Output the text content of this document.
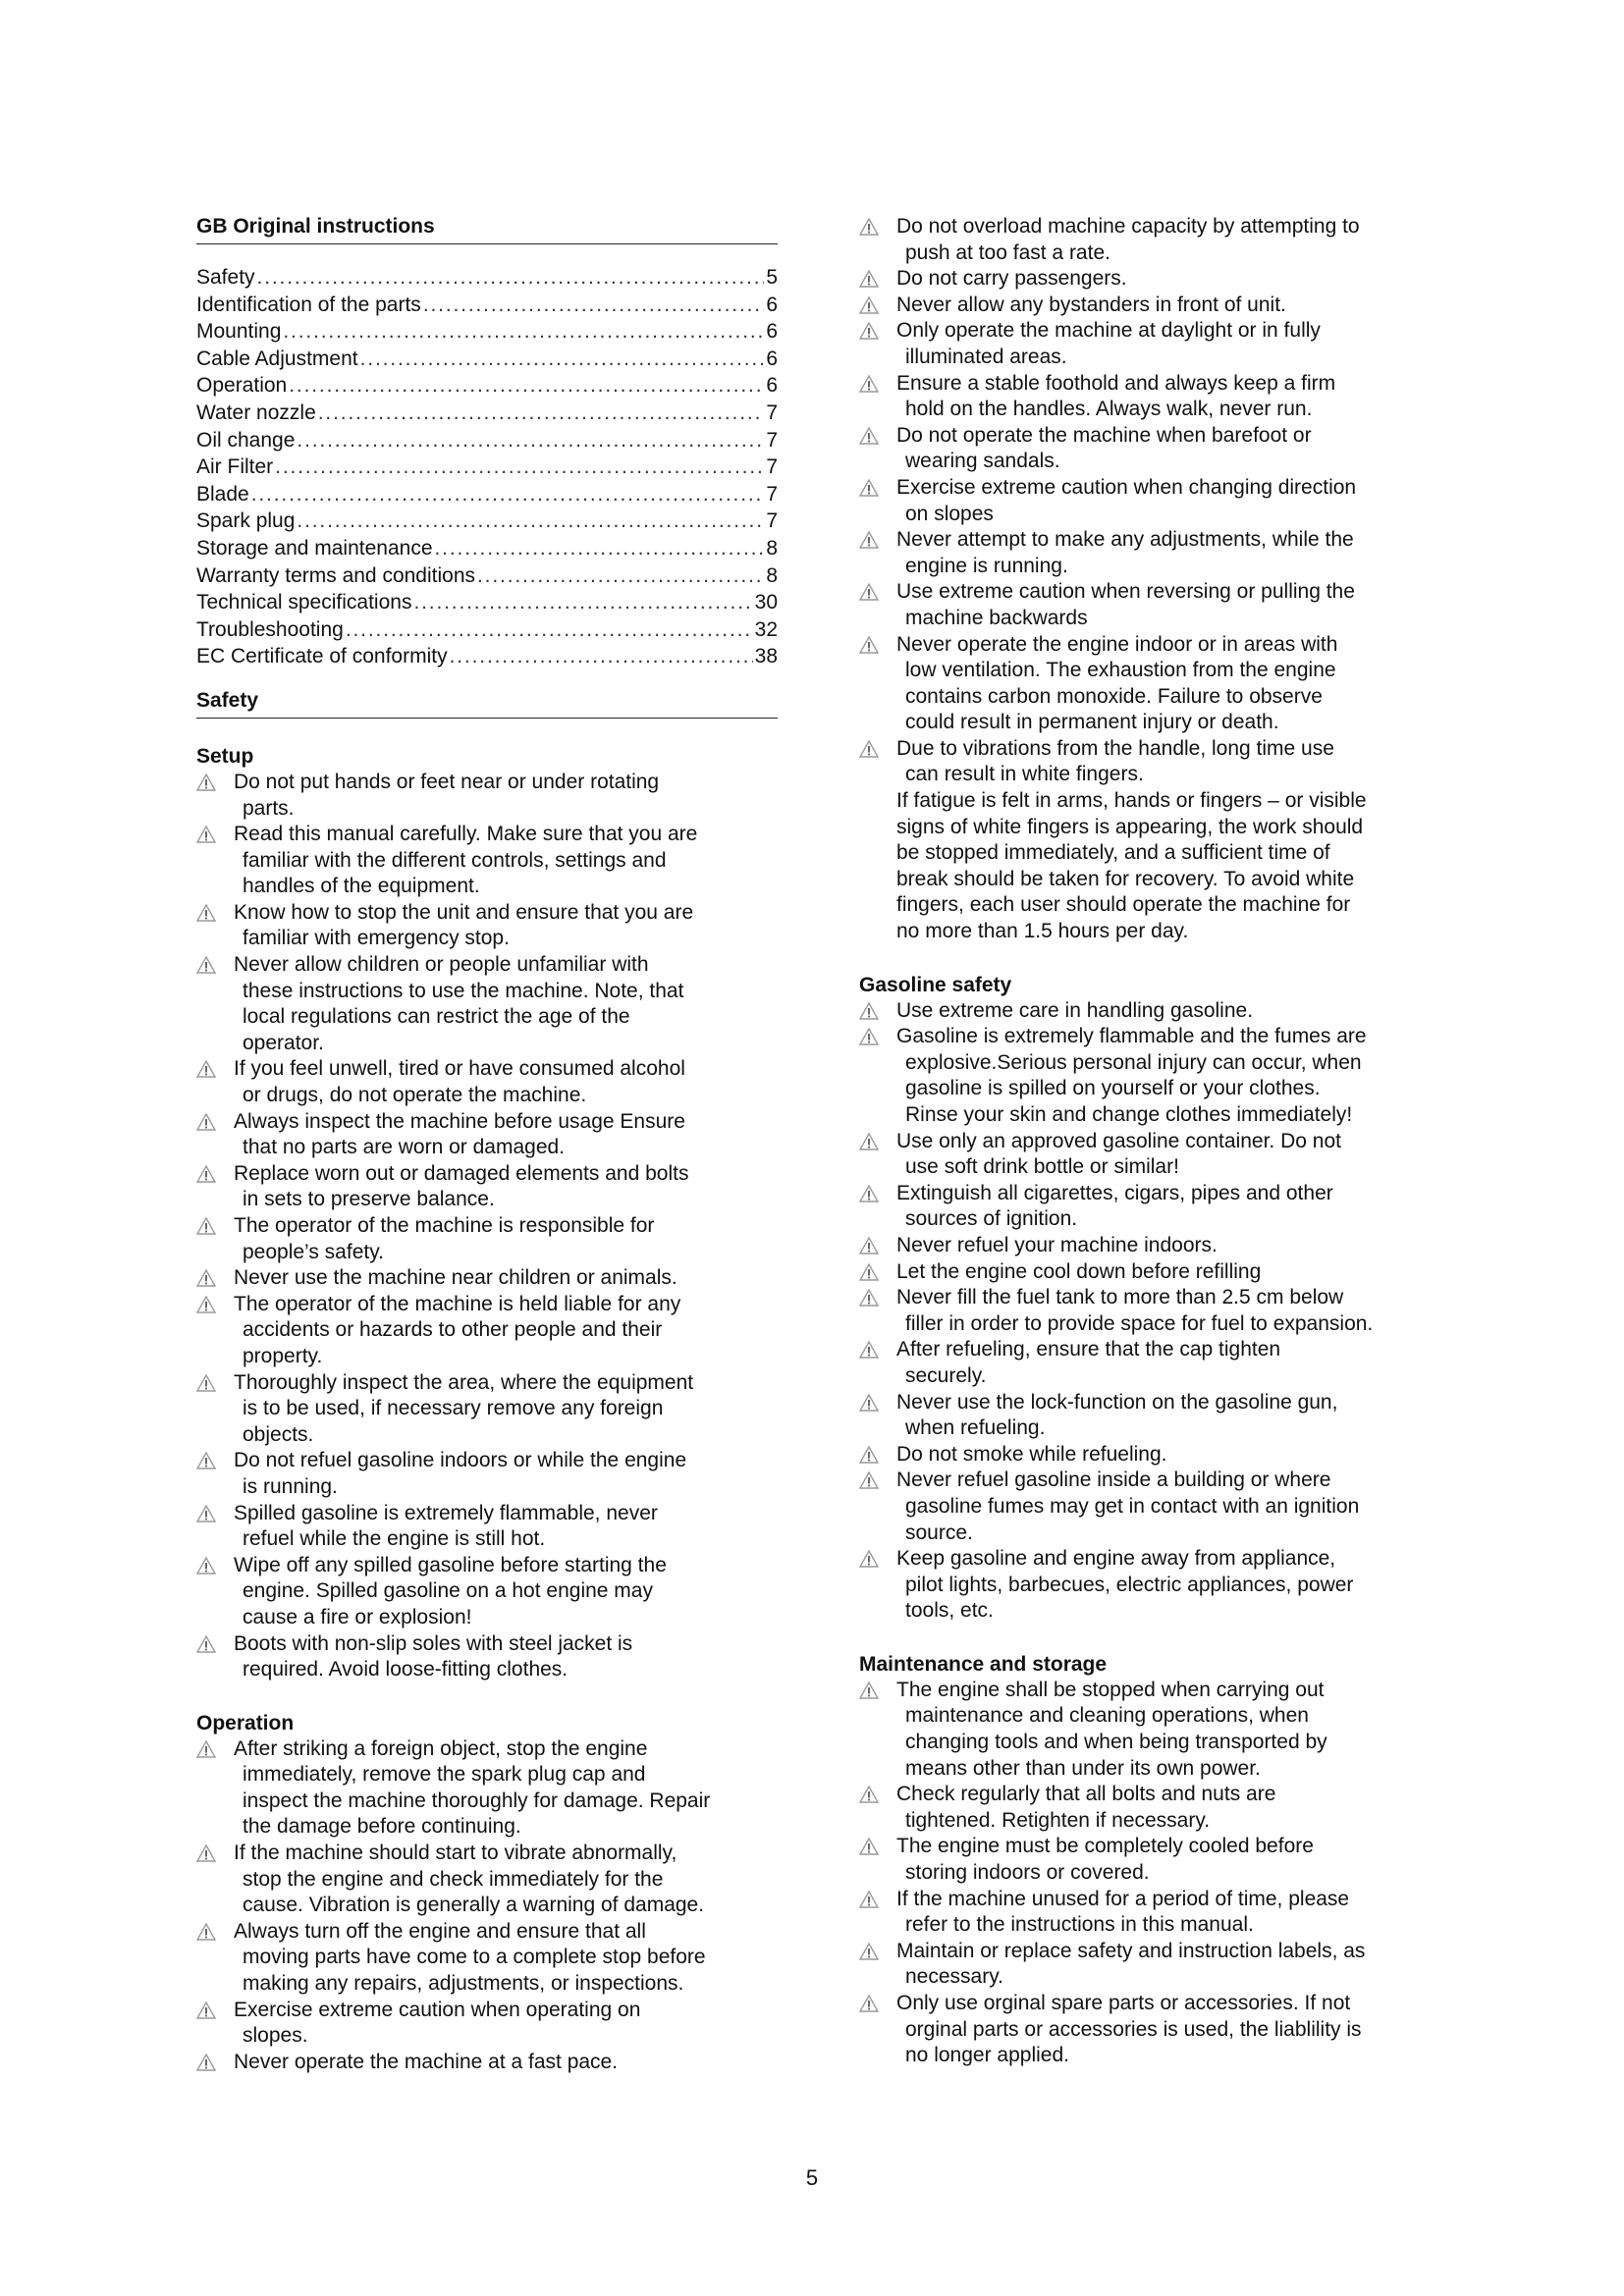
GB Original instructions
Safety . . .	5
Identification of the parts . . .	6
Mounting . . .	6
Cable Adjustment . . .	6
Operation . . .	6
Water nozzle . . .	7
Oil change . . .	7
Air Filter . . .	7
Blade . . .	7
Spark plug . . .	7
Storage and maintenance . . .	8
Warranty terms and conditions . . .	8
Technical specifications . . .	30
Troubleshooting . . .	32
EC Certificate of conformity . . .	38
Safety
Setup
Do not put hands or feet near or under rotating
parts.
Read this manual carefully. Make sure that you are
familiar with the different controls, settings and
handles of the equipment.
Know how to stop the unit and ensure that you are
familiar with emergency stop.
Never allow children or people unfamiliar with
these instructions to use the machine. Note, that
local regulations can restrict the age of the
operator.
If you feel unwell, tired or have consumed alcohol
or drugs, do not operate the machine.
Always inspect the machine before usage Ensure
that no parts are worn or damaged.
Replace worn out or damaged elements and bolts
in sets to preserve balance.
The operator of the machine is responsible for
people’s safety.
Never use the machine near children or animals.
The operator of the machine is held liable for any
accidents or hazards to other people and their
property.
Thoroughly inspect the area, where the equipment
is to be used, if necessary remove any foreign
objects.
Do not refuel gasoline indoors or while the engine
is running.
Spilled gasoline is extremely flammable, never
refuel while the engine is still hot.
Wipe off any spilled gasoline before starting the
engine. Spilled gasoline on a hot engine may
cause a fire or explosion!
Boots with non-slip soles with steel jacket is
required. Avoid loose-fitting clothes.
Operation
After striking a foreign object, stop the engine
immediately, remove the spark plug cap and
inspect the machine thoroughly for damage. Repair
the damage before continuing.
If the machine should start to vibrate abnormally,
stop the engine and check immediately for the
cause. Vibration is generally a warning of damage.
Always turn off the engine and ensure that all
moving parts have come to a complete stop before
making any repairs, adjustments, or inspections.
Exercise extreme caution when operating on
slopes.
Never operate the machine at a fast pace.
Do not overload machine capacity by attempting to
push at too fast a rate.
Do not carry passengers.
Never allow any bystanders in front of unit.
Only operate the machine at daylight or in fully
illuminated areas.
Ensure a stable foothold and always keep a firm
hold on the handles. Always walk, never run.
Do not operate the machine when barefoot or
wearing sandals.
Exercise extreme caution when changing direction
on slopes
Never attempt to make any adjustments, while the
engine is running.
Use extreme caution when reversing or pulling the
machine backwards
Never operate the engine indoor or in areas with
low ventilation. The exhaustion from the engine
contains carbon monoxide. Failure to observe
could result in permanent injury or death.
Due to vibrations from the handle, long time use
can result in white fingers.
If fatigue is felt in arms, hands or fingers – or visible
signs of white fingers is appearing, the work should
be stopped immediately, and a sufficient time of
break should be taken for recovery. To avoid white
fingers, each user should operate the machine for
no more than 1.5 hours per day.
Gasoline safety
Use extreme care in handling gasoline.
Gasoline is extremely flammable and the fumes are
explosive.Serious personal injury can occur, when
gasoline is spilled on yourself or your clothes.
Rinse your skin and change clothes immediately!
Use only an approved gasoline container. Do not
use soft drink bottle or similar!
Extinguish all cigarettes, cigars, pipes and other
sources of ignition.
Never refuel your machine indoors.
Let the engine cool down before refilling
Never fill the fuel tank to more than 2.5 cm below
filler in order to provide space for fuel to expansion.
After refueling, ensure that the cap tighten
securely.
Never use the lock-function on the gasoline gun,
when refueling.
Do not smoke while refueling.
Never refuel gasoline inside a building or where
gasoline fumes may get in contact with an ignition
source.
Keep gasoline and engine away from appliance,
pilot lights, barbecues, electric appliances, power
tools, etc.
Maintenance and storage
The engine shall be stopped when carrying out
maintenance and cleaning operations, when
changing tools and when being transported by
means other than under its own power.
Check regularly that all bolts and nuts are
tightened. Retighten if necessary.
The engine must be completely cooled before
storing indoors or covered.
If the machine unused for a period of time, please
refer to the instructions in this manual.
Maintain or replace safety and instruction labels, as
necessary.
Only use orginal spare parts or accessories. If not
orginal parts or accessories is used, the liablility is
no longer applied.
5
